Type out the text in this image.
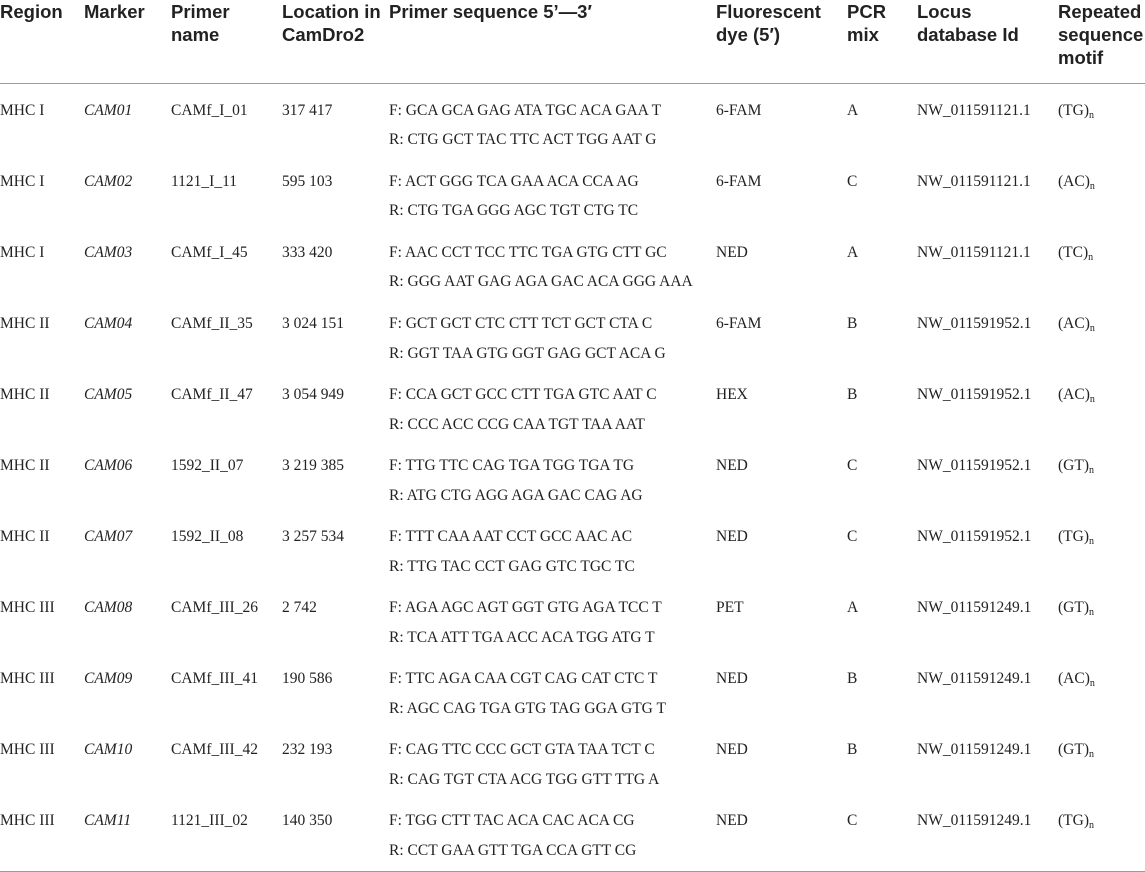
Region	Marker	Primer name	Location in CamDro2	Primer sequence 5’—3′	Fluorescent dye (5′)	PCR mix	Locus database Id	Repeated sequence motif
MHC I	CAM01	CAMf_I_01	317 417	F: GCA GCA GAG ATA TGC ACA GAA T	6-FAM	A	NW_011591121.1	$(TG)_n$
				R: CTG GCT TAC TTC ACT TGG AAT G				
MHC I	CAM02	1121_I_11	595 103	F: ACT GGG TCA GAA ACA CCA AG	6-FAM	C	NW_011591121.1	$(AC)_n$
				R: CTG TGA GGG AGC TGT CTG TC				
MHC I	CAM03	CAMf_I_45	333 420	F: AAC CCT TCC TTC TGA GTG CTT GC	NED	A	NW_011591121.1	$(TC)_n$
				R: GGG AAT GAG AGA GAC ACA GGG AAA				
MHC II	CAM04	CAMf_II_35	3 024 151	F: GCT GCT CTC CTT TCT GCT CTA C	6-FAM	B	NW_011591952.1	$(AC)_n$
				R: GGT TAA GTG GGT GAG GCT ACA G				
MHC II	CAM05	CAMf_II_47	3 054 949	F: CCA GCT GCC CTT TGA GTC AAT C	HEX	B	NW_011591952.1	$(AC)_n$
				R: CCC ACC CCG CAA TGT TAA AAT				
MHC II	CAM06	1592_II_07	3 219 385	F: TTG TTC CAG TGA TGG TGA TG	NED	C	NW_011591952.1	$(GT)_n$
				R: ATG CTG AGG AGA GAC CAG AG				
MHC II	CAM07	1592_II_08	3 257 534	F: TTT CAA AAT CCT GCC AAC AC	NED	C	NW_011591952.1	$(TG)_n$
				R: TTG TAC CCT GAG GTC TGC TC				
MHC III	CAM08	CAMf_III_26	2 742	F: AGA AGC AGT GGT GTG AGA TCC T	PET	A	NW_011591249.1	$(GT)_n$
				R: TCA ATT TGA ACC ACA TGG ATG T				
MHC III	CAM09	CAMf_III_41	190 586	F: TTC AGA CAA CGT CAG CAT CTC T	NED	B	NW_011591249.1	$(AC)_n$
				R: AGC CAG TGA GTG TAG GGA GTG T				
MHC III	CAM10	CAMf_III_42	232 193	F: CAG TTC CCC GCT GTA TAA TCT C	NED	B	NW_011591249.1	$(GT)_n$
				R: CAG TGT CTA ACG TGG GTT TTG A				
MHC III	CAM11	1121_III_02	140 350	F: TGG CTT TAC ACA CAC ACA CG	NED	C	NW_011591249.1	$(TG)_n$
				R: CCT GAA GTT TGA CCA GTT CG				
